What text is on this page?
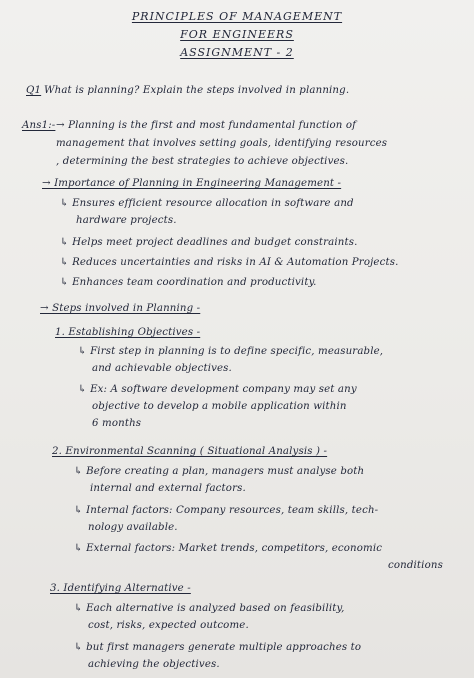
PRINCIPLES OF MANAGEMENT
FOR ENGINEERS
ASSIGNMENT - 2
Q1 What is planning? Explain the steps involved in planning.
Ans1:- → Planning is the first and most fundamental function of
management that involves setting goals, identifying resources
, determining the best strategies to achieve objectives.
→ Importance of Planning in Engineering Management -
↳ Ensures efficient resource allocation in software and
hardware projects.
↳ Helps meet project deadlines and budget constraints.
↳ Reduces uncertainties and risks in AI & Automation Projects.
↳ Enhances team coordination and productivity.
→ Steps involved in Planning -
1. Establishing Objectives -
↳ First step in planning is to define specific, measurable,
and achievable objectives.
↳ Ex: A software development company may set any
objective to develop a mobile application within
6 months
2. Environmental Scanning ( Situational Analysis ) -
↳ Before creating a plan, managers must analyse both
internal and external factors.
↳ Internal factors: Company resources, team skills, tech-
nology available.
↳ External factors: Market trends, competitors, economic
conditions
3. Identifying Alternative -
↳ Each alternative is analyzed based on feasibility,
cost, risks, expected outcome.
↳ but first managers generate multiple approaches to
achieving the objectives.
